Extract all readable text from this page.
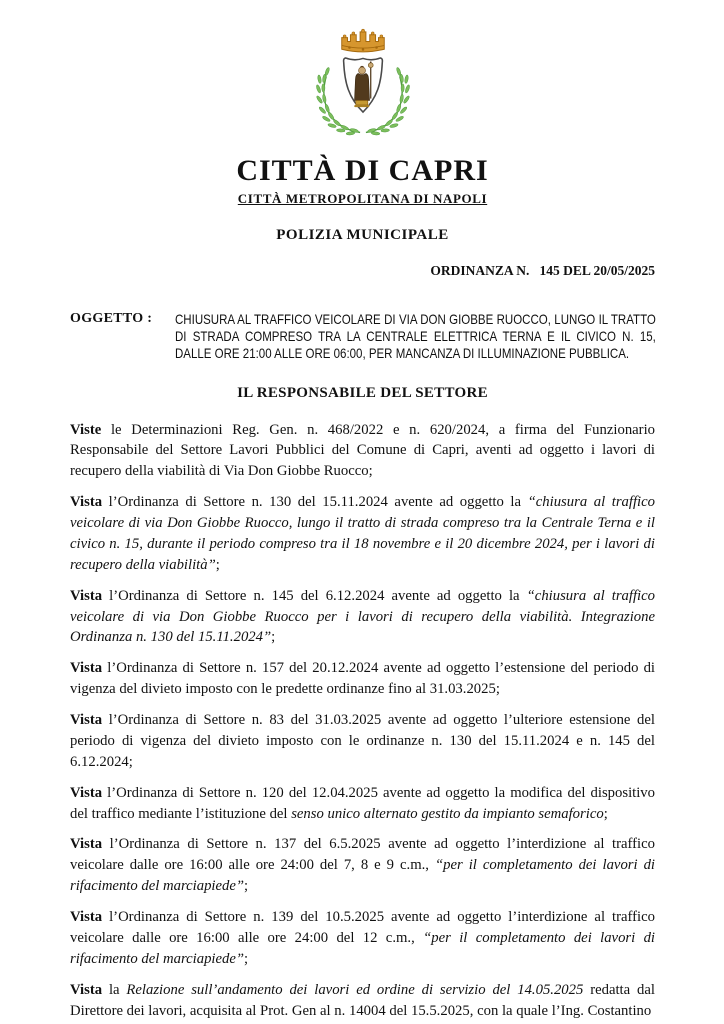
CITTÀ DI CAPRI
CITTÀ METROPOLITANA DI NAPOLI
POLIZIA MUNICIPALE
ORDINANZA N.   145 DEL 20/05/2025
OGGETTO :	CHIUSURA AL TRAFFICO VEICOLARE DI VIA DON GIOBBE RUOCCO, LUNGO IL TRATTO DI STRADA COMPRESO TRA LA CENTRALE ELETTRICA TERNA E IL CIVICO N. 15, DALLE ORE 21:00 ALLE ORE 06:00, PER MANCANZA DI ILLUMINAZIONE PUBBLICA.
IL RESPONSABILE DEL SETTORE
Viste le Determinazioni Reg. Gen. n. 468/2022 e n. 620/2024, a firma del Funzionario Responsabile del Settore Lavori Pubblici del Comune di Capri, aventi ad oggetto i lavori di recupero della viabilità di Via Don Giobbe Ruocco;
Vista l’Ordinanza di Settore n. 130 del 15.11.2024 avente ad oggetto la “chiusura al traffico veicolare di via Don Giobbe Ruocco, lungo il tratto di strada compreso tra la Centrale Terna e il civico n. 15, durante il periodo compreso tra il 18 novembre e il 20 dicembre 2024, per i lavori di recupero della viabilità”;
Vista l’Ordinanza di Settore n. 145 del 6.12.2024 avente ad oggetto la “chiusura al traffico veicolare di via Don Giobbe Ruocco per i lavori di recupero della viabilità. Integrazione Ordinanza n. 130 del 15.11.2024”;
Vista l’Ordinanza di Settore n. 157 del 20.12.2024 avente ad oggetto l’estensione del periodo di vigenza del divieto imposto con le predette ordinanze fino al 31.03.2025;
Vista l’Ordinanza di Settore n. 83 del 31.03.2025 avente ad oggetto l’ulteriore estensione del periodo di vigenza del divieto imposto con le ordinanze n. 130 del 15.11.2024 e n. 145 del 6.12.2024;
Vista l’Ordinanza di Settore n. 120 del 12.04.2025 avente ad oggetto la modifica del dispositivo del traffico mediante l’istituzione del senso unico alternato gestito da impianto semaforico;
Vista l’Ordinanza di Settore n. 137 del 6.5.2025 avente ad oggetto l’interdizione al traffico veicolare dalle ore 16:00 alle ore 24:00 del 7, 8 e 9 c.m., “per il completamento dei lavori di rifacimento del marciapiede”;
Vista l’Ordinanza di Settore n. 139 del 10.5.2025 avente ad oggetto l’interdizione al traffico veicolare dalle ore 16:00 alle ore 24:00 del 12 c.m., “per il completamento dei lavori di rifacimento del marciapiede”;
Vista la Relazione sull’andamento dei lavori ed ordine di servizio del 14.05.2025 redatta dal Direttore dei lavori, acquisita al Prot. Gen al n. 14004 del 15.5.2025, con la quale l’Ing. Costantino
